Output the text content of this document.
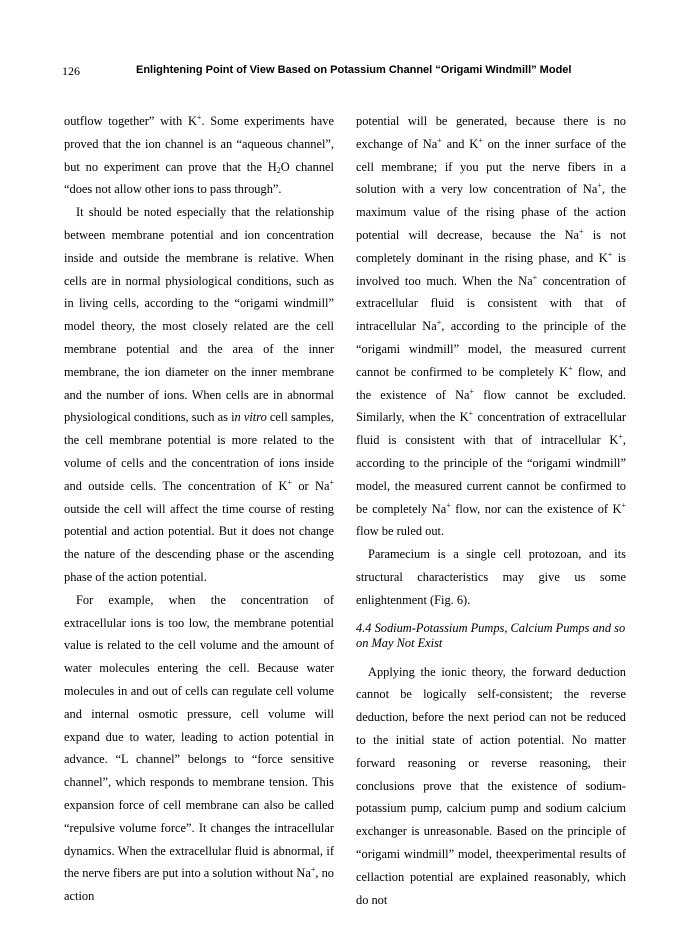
126	Enlightening Point of View Based on Potassium Channel “Origami Windmill” Model

outflow together” with K+. Some experiments have proved that the ion channel is an “aqueous channel”, but no experiment can prove that the $H_2O$ channel “does not allow other ions to pass through”.

It should be noted especially that the relationship between membrane potential and ion concentration inside and outside the membrane is relative. When cells are in normal physiological conditions, such as in living cells, according to the “origami windmill” model theory, the most closely related are the cell membrane potential and the area of the inner membrane, the ion diameter on the inner membrane and the number of ions. When cells are in abnormal physiological conditions, such as in vitro cell samples, the cell membrane potential is more related to the volume of cells and the concentration of ions inside and outside cells. The concentration of K+ or Na+ outside the cell will affect the time course of resting potential and action potential. But it does not change the nature of the descending phase or the ascending phase of the action potential.

For example, when the concentration of extracellular ions is too low, the membrane potential value is related to the cell volume and the amount of water molecules entering the cell. Because water molecules in and out of cells can regulate cell volume and internal osmotic pressure, cell volume will expand due to water, leading to action potential in advance. “L channel” belongs to “force sensitive channel”, which responds to membrane tension. This expansion force of cell membrane can also be called “repulsive volume force”. It changes the intracellular dynamics. When the extracellular fluid is abnormal, if the nerve fibers are put into a solution without Na+, no action

potential will be generated, because there is no exchange of Na+ and K+ on the inner surface of the cell membrane; if you put the nerve fibers in a solution with a very low concentration of Na+, the maximum value of the rising phase of the action potential will decrease, because the Na+ is not completely dominant in the rising phase, and K+ is involved too much. When the Na+ concentration of extracellular fluid is consistent with that of intracellular Na+, according to the principle of the “origami windmill” model, the measured current cannot be confirmed to be completely K+ flow, and the existence of Na+ flow cannot be excluded. Similarly, when the K+ concentration of extracellular fluid is consistent with that of intracellular K+, according to the principle of the “origami windmill” model, the measured current cannot be confirmed to be completely Na+ flow, nor can the existence of K+ flow be ruled out.

Paramecium is a single cell protozoan, and its structural characteristics may give us some enlightenment (Fig. 6).

4.4 Sodium-Potassium Pumps, Calcium Pumps and so on May Not Exist

Applying the ionic theory, the forward deduction cannot be logically self-consistent; the reverse deduction, before the next period can not be reduced to the initial state of action potential. No matter forward reasoning or reverse reasoning, their conclusions prove that the existence of sodium-potassium pump, calcium pump and sodium calcium exchanger is unreasonable. Based on the principle of “origami windmill” model, theexperimental results of cellaction potential are explained reasonably, which do not
